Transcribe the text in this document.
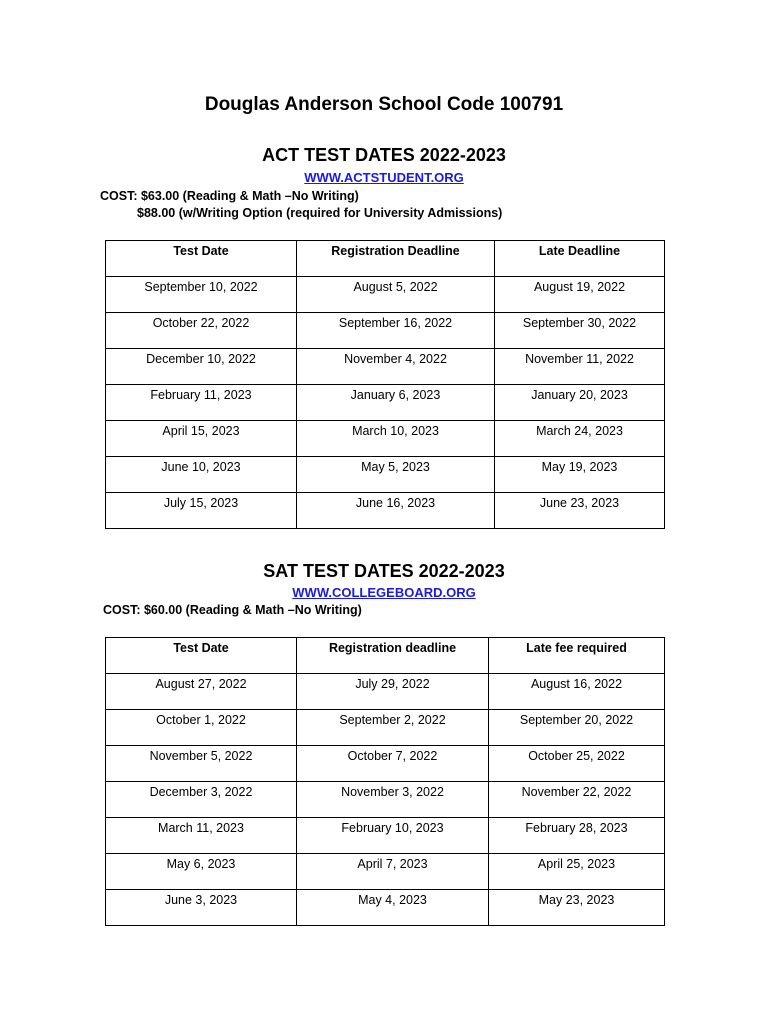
Douglas Anderson School Code 100791
ACT TEST DATES 2022-2023
WWW.ACTSTUDENT.ORG
COST: $63.00 (Reading & Math –No Writing)
$88.00 (w/Writing Option (required for University Admissions)
Test Date	Registration Deadline	Late Deadline
September 10, 2022	August 5, 2022	August 19, 2022
October 22, 2022	September 16, 2022	September 30, 2022
December 10, 2022	November 4, 2022	November 11, 2022
February 11, 2023	January 6, 2023	January 20, 2023
April 15, 2023	March 10, 2023	March 24, 2023
June 10, 2023	May 5, 2023	May 19, 2023
July 15, 2023	June 16, 2023	June 23, 2023
SAT TEST DATES 2022-2023
WWW.COLLEGEBOARD.ORG
COST: $60.00 (Reading & Math –No Writing)
Test Date	Registration deadline	Late fee required
August 27, 2022	July 29, 2022	August 16, 2022
October 1, 2022	September 2, 2022	September 20, 2022
November 5, 2022	October 7, 2022	October 25, 2022
December 3, 2022	November 3, 2022	November 22, 2022
March 11, 2023	February 10, 2023	February 28, 2023
May 6, 2023	April 7, 2023	April 25, 2023
June 3, 2023	May 4, 2023	May 23, 2023
